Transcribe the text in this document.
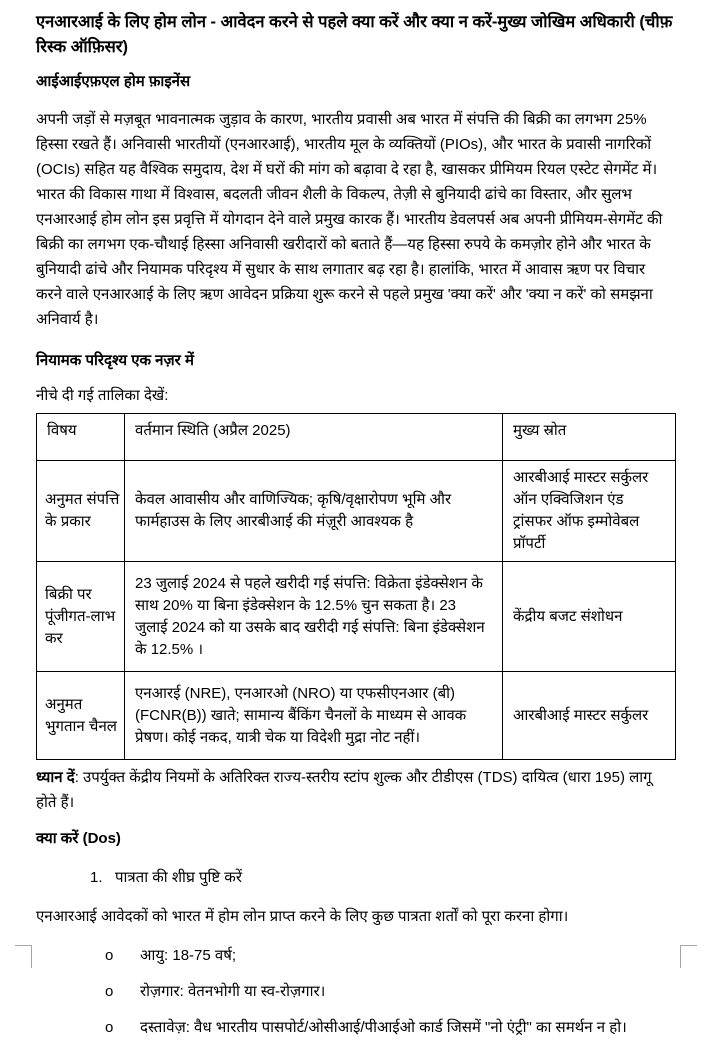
एनआरआई के लिए होम लोन - आवेदन करने से पहले क्या करें और क्या न करें-मुख्य जोखिम अधिकारी (चीफ़ रिस्क ऑफ़िसर)
आईआईएफ़एल होम फ़ाइनेंस

अपनी जड़ों से मज़बूत भावनात्मक जुड़ाव के कारण, भारतीय प्रवासी अब भारत में संपत्ति की बिक्री का लगभग 25% हिस्सा रखते हैं। अनिवासी भारतीयों (एनआरआई), भारतीय मूल के व्यक्तियों (PIOs), और भारत के प्रवासी नागरिकों (OCIs) सहित यह वैश्विक समुदाय, देश में घरों की मांग को बढ़ावा दे रहा है, खासकर प्रीमियम रियल एस्टेट सेगमेंट में। भारत की विकास गाथा में विश्वास, बदलती जीवन शैली के विकल्प, तेज़ी से बुनियादी ढांचे का विस्तार, और सुलभ एनआरआई होम लोन इस प्रवृत्ति में योगदान देने वाले प्रमुख कारक हैं। भारतीय डेवलपर्स अब अपनी प्रीमियम-सेगमेंट की बिक्री का लगभग एक-चौथाई हिस्सा अनिवासी खरीदारों को बताते हैं—यह हिस्सा रुपये के कमज़ोर होने और भारत के बुनियादी ढांचे और नियामक परिदृश्य में सुधार के साथ लगातार बढ़ रहा है। हालांकि, भारत में आवास ऋण पर विचार करने वाले एनआरआई के लिए ऋण आवेदन प्रक्रिया शुरू करने से पहले प्रमुख 'क्या करें' और 'क्या न करें' को समझना अनिवार्य है।

नियामक परिदृश्य एक नज़र में

नीचे दी गई तालिका देखें:

विषय	वर्तमान स्थिति (अप्रैल 2025)	मुख्य स्रोत
अनुमत संपत्ति के प्रकार	केवल आवासीय और वाणिज्यिक; कृषि/वृक्षारोपण भूमि और फार्महाउस के लिए आरबीआई की मंज़ूरी आवश्यक है	आरबीआई मास्टर सर्कुलर ऑन एक्विजिशन एंड ट्रांसफर ऑफ इम्मोवेबल प्रॉपर्टी
बिक्री पर पूंजीगत-लाभ कर	23 जुलाई 2024 से पहले खरीदी गई संपत्ति: विक्रेता इंडेक्सेशन के साथ 20% या बिना इंडेक्सेशन के 12.5% चुन सकता है। 23 जुलाई 2024 को या उसके बाद खरीदी गई संपत्ति: बिना इंडेक्सेशन के 12.5% ।	केंद्रीय बजट संशोधन
अनुमत भुगतान चैनल	एनआरई (NRE), एनआरओ (NRO) या एफसीएनआर (बी) (FCNR(B)) खाते; सामान्य बैंकिंग चैनलों के माध्यम से आवक प्रेषण। कोई नकद, यात्री चेक या विदेशी मुद्रा नोट नहीं।	आरबीआई मास्टर सर्कुलर

ध्यान दें: उपर्युक्त केंद्रीय नियमों के अतिरिक्त राज्य-स्तरीय स्टांप शुल्क और टीडीएस (TDS) दायित्व (धारा 195) लागू होते हैं।

क्या करें (Dos)
1. पात्रता की शीघ्र पुष्टि करें

एनआरआई आवेदकों को भारत में होम लोन प्राप्त करने के लिए कुछ पात्रता शर्तों को पूरा करना होगा।

o आयु: 18-75 वर्ष;
o रोज़गार: वेतनभोगी या स्व-रोज़गार।
o दस्तावेज़: वैध भारतीय पासपोर्ट/ओसीआई/पीआईओ कार्ड जिसमें "नो एंट्री" का समर्थन न हो।
